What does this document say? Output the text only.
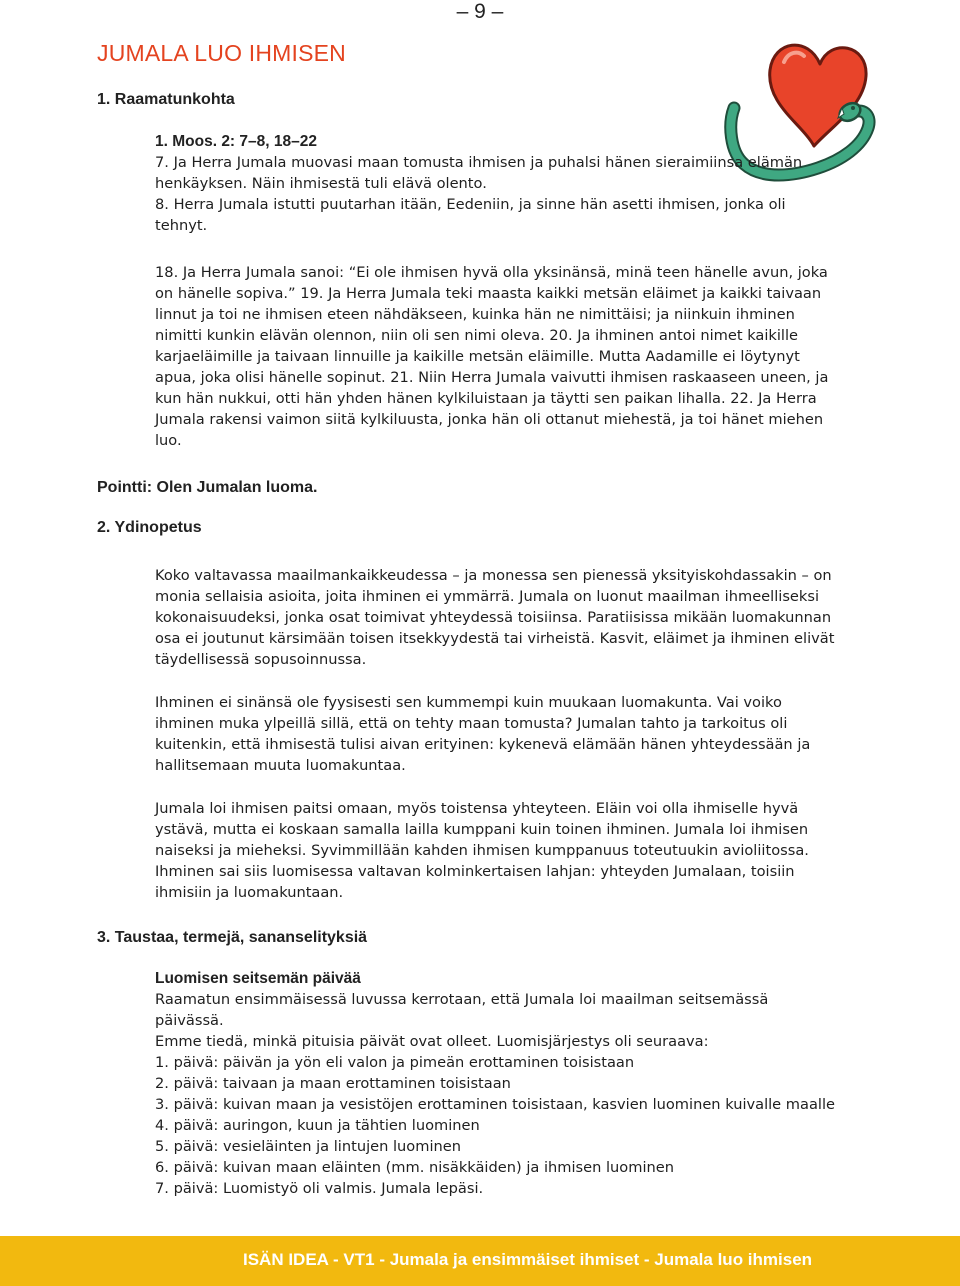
– 9 –
JUMALA LUO IHMISEN
1. Raamatunkohta
1. Moos. 2: 7–8, 18–22

7. Ja Herra Jumala muovasi maan tomusta ihmisen ja puhalsi hänen sieraimiinsa elämän henkäyksen. Näin ihmisestä tuli elävä olento.

8. Herra Jumala istutti puutarhan itään, Eedeniin, ja sinne hän asetti ihmisen, jonka oli tehnyt.

18. Ja Herra Jumala sanoi: “Ei ole ihmisen hyvä olla yksinänsä, minä teen hänelle avun, joka on hänelle sopiva.” 19. Ja Herra Jumala teki maasta kaikki metsän eläimet ja kaikki taivaan linnut ja toi ne ihmisen eteen nähdäkseen, kuinka hän ne nimittäisi; ja niinkuin ihminen nimitti kunkin elävän olennon, niin oli sen nimi oleva. 20. Ja ihminen antoi nimet kaikille karjaeläimille ja taivaan linnuille ja kaikille metsän eläimille. Mutta Aadamille ei löytynyt apua, joka olisi hänelle sopinut. 21. Niin Herra Jumala vaivutti ihmisen raskaaseen uneen, ja kun hän nukkui, otti hän yhden hänen kylkiluistaan ja täytti sen paikan lihalla. 22. Ja Herra Jumala rakensi vaimon siitä kylkiluusta, jonka hän oli ottanut miehestä, ja toi hänet miehen luo.

Pointti: Olen Jumalan luoma.
2. Ydinopetus

Koko valtavassa maailmankaikkeudessa – ja monessa sen pienessä yksityiskohdassakin – on monia sellaisia asioita, joita ihminen ei ymmärrä. Jumala on luonut maailman ihmeelliseksi kokonaisuudeksi, jonka osat toimivat yhteydessä toisiinsa. Paratiisissa mikään luomakunnan osa ei joutunut kärsimään toisen itsekkyydestä tai virheistä. Kasvit, eläimet ja ihminen elivät täydellisessä sopusoinnussa.

Ihminen ei sinänsä ole fyysisesti sen kummempi kuin muukaan luomakunta. Vai voiko ihminen muka ylpeillä sillä, että on tehty maan tomusta? Jumalan tahto ja tarkoitus oli kuitenkin, että ihmisestä tulisi aivan erityinen: kykenevä elämään hänen yhteydessään ja hallitsemaan muuta luomakuntaa.

Jumala loi ihmisen paitsi omaan, myös toistensa yhteyteen. Eläin voi olla ihmiselle hyvä ystävä, mutta ei koskaan samalla lailla kumppani kuin toinen ihminen. Jumala loi ihmisen naiseksi ja mieheksi. Syvimmillään kahden ihmisen kumppanuus toteutuukin avioliitossa. Ihminen sai siis luomisessa valtavan kolminkertaisen lahjan: yhteyden Jumalaan, toisiin ihmisiin ja luomakuntaan.

3. Taustaa, termejä, sananselityksiä
Luomisen seitsemän päivää

Raamatun ensimmäisessä luvussa kerrotaan, että Jumala loi maailman seitsemässä päivässä.

Emme tiedä, minkä pituisia päivät ovat olleet. Luomisjärjestys oli seuraava:

1. päivä: päivän ja yön eli valon ja pimeän erottaminen toisistaan
2. päivä: taivaan ja maan erottaminen toisistaan
3. päivä: kuivan maan ja vesistöjen erottaminen toisistaan, kasvien luominen kuivalle maalle
4. päivä: auringon, kuun ja tähtien luominen
5. päivä: vesieläinten ja lintujen luominen
6. päivä: kuivan maan eläinten (mm. nisäkkäiden) ja ihmisen luominen
7. päivä: Luomistyö oli valmis. Jumala lepäsi.
ISÄN IDEA - VT1 - Jumala ja ensimmäiset ihmiset - Jumala luo ihmisen
